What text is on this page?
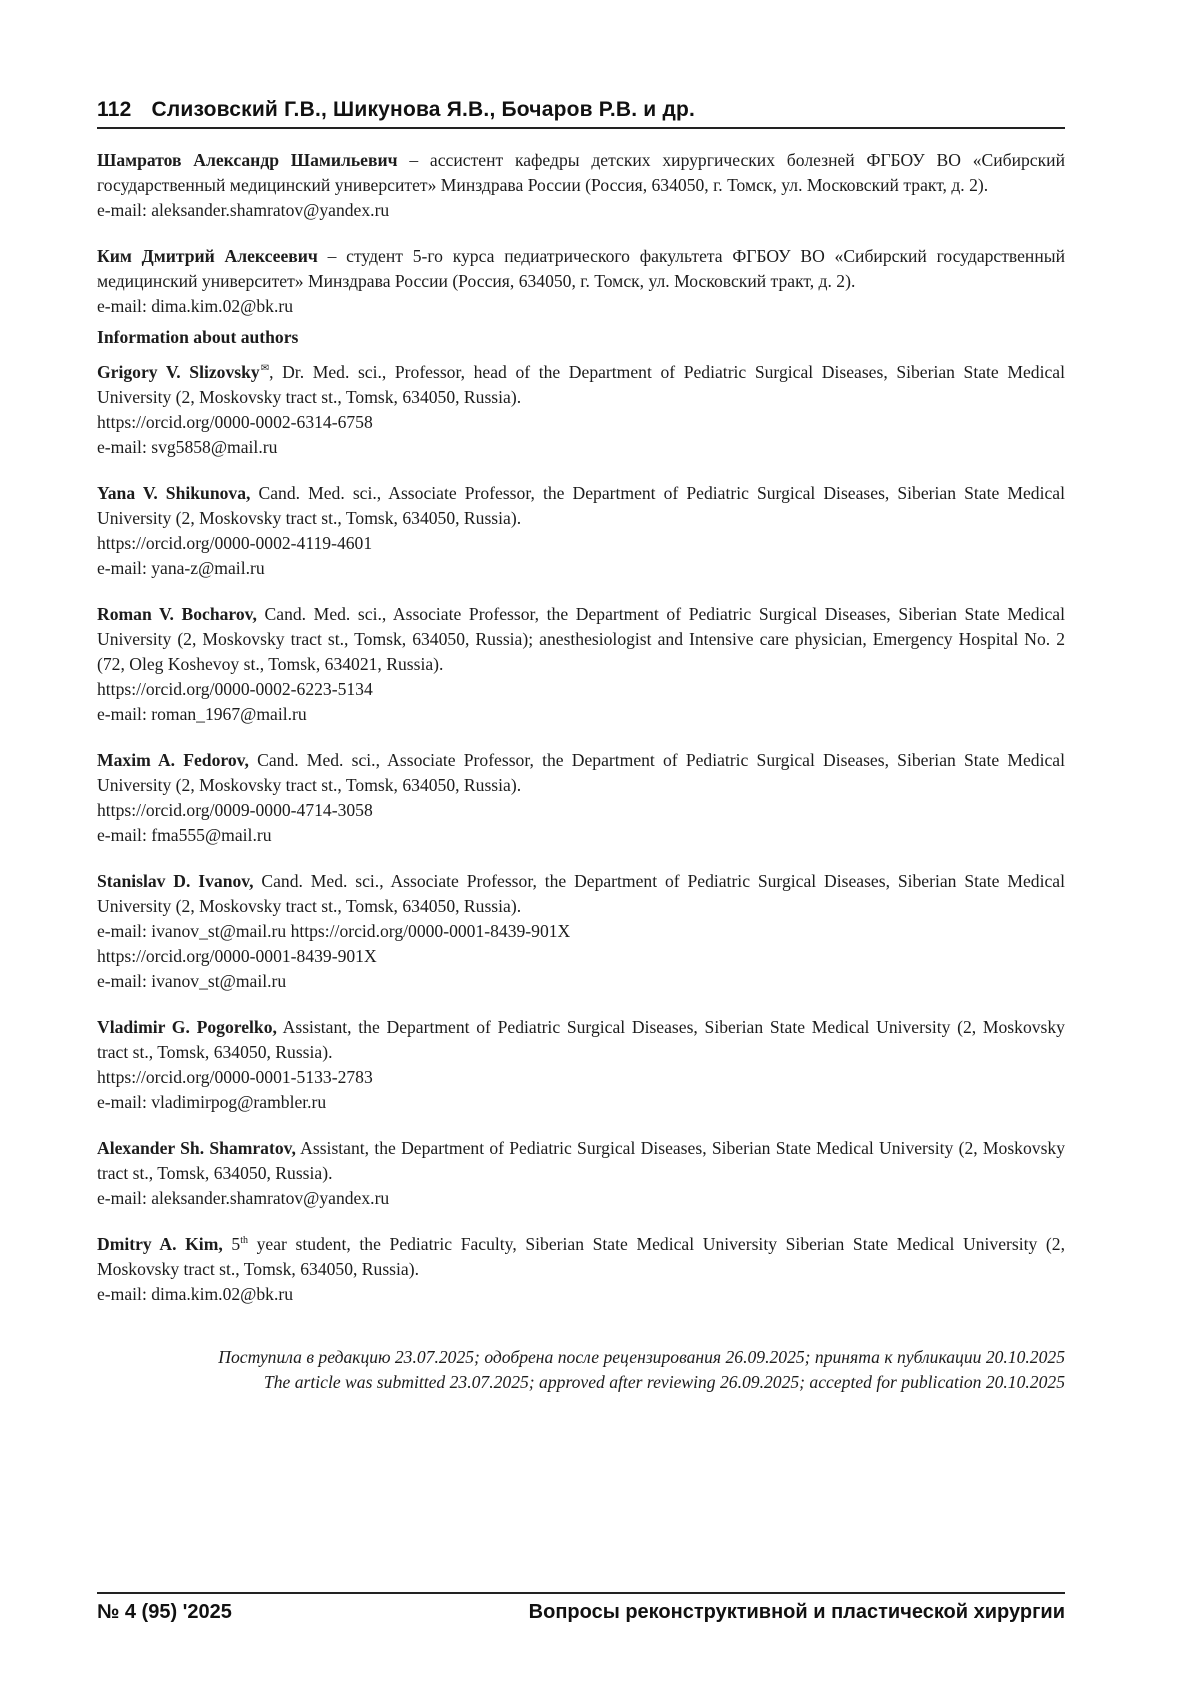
112 Слизовский Г.В., Шикунова Я.В., Бочаров Р.В. и др.
Шамратов Александр Шамильевич – ассистент кафедры детских хирургических болезней ФГБОУ ВО «Сибирский государственный медицинский университет» Минздрава России (Россия, 634050, г. Томск, ул. Московский тракт, д. 2).
e-mail: aleksander.shamratov@yandex.ru
Ким Дмитрий Алексеевич – студент 5-го курса педиатрического факультета ФГБОУ ВО «Сибирский государственный медицинский университет» Минздрава России (Россия, 634050, г. Томск, ул. Московский тракт, д. 2).
e-mail: dima.kim.02@bk.ru
Information about authors
Grigory V. Slizovsky✉, Dr. Med. sci., Professor, head of the Department of Pediatric Surgical Diseases, Siberian State Medical University (2, Moskovsky tract st., Tomsk, 634050, Russia).
https://orcid.org/0000-0002-6314-6758
e-mail: svg5858@mail.ru
Yana V. Shikunova, Cand. Med. sci., Associate Professor, the Department of Pediatric Surgical Diseases, Siberian State Medical University (2, Moskovsky tract st., Tomsk, 634050, Russia).
https://orcid.org/0000-0002-4119-4601
e-mail: yana-z@mail.ru
Roman V. Bocharov, Cand. Med. sci., Associate Professor, the Department of Pediatric Surgical Diseases, Siberian State Medical University (2, Moskovsky tract st., Tomsk, 634050, Russia); anesthesiologist and Intensive care physician, Emergency Hospital No. 2 (72, Oleg Koshevoy st., Tomsk, 634021, Russia).
https://orcid.org/0000-0002-6223-5134
e-mail: roman_1967@mail.ru
Maxim A. Fedorov, Cand. Med. sci., Associate Professor, the Department of Pediatric Surgical Diseases, Siberian State Medical University (2, Moskovsky tract st., Tomsk, 634050, Russia).
https://orcid.org/0009-0000-4714-3058
e-mail: fma555@mail.ru
Stanislav D. Ivanov, Cand. Med. sci., Associate Professor, the Department of Pediatric Surgical Diseases, Siberian State Medical University (2, Moskovsky tract st., Tomsk, 634050, Russia).
e-mail: ivanov_st@mail.ru https://orcid.org/0000-0001-8439-901X
https://orcid.org/0000-0001-8439-901X
e-mail: ivanov_st@mail.ru
Vladimir G. Pogorelko, Assistant, the Department of Pediatric Surgical Diseases, Siberian State Medical University (2, Moskovsky tract st., Tomsk, 634050, Russia).
https://orcid.org/0000-0001-5133-2783
e-mail: vladimirpog@rambler.ru
Alexander Sh. Shamratov, Assistant, the Department of Pediatric Surgical Diseases, Siberian State Medical University (2, Moskovsky tract st., Tomsk, 634050, Russia).
e-mail: aleksander.shamratov@yandex.ru
Dmitry A. Kim, 5th year student, the Pediatric Faculty, Siberian State Medical University Siberian State Medical University (2, Moskovsky tract st., Tomsk, 634050, Russia).
e-mail: dima.kim.02@bk.ru
Поступила в редакцию 23.07.2025; одобрена после рецензирования 26.09.2025; принята к публикации 20.10.2025
The article was submitted 23.07.2025; approved after reviewing 26.09.2025; accepted for publication 20.10.2025
№ 4 (95) '2025	Вопросы реконструктивной и пластической хирургии
